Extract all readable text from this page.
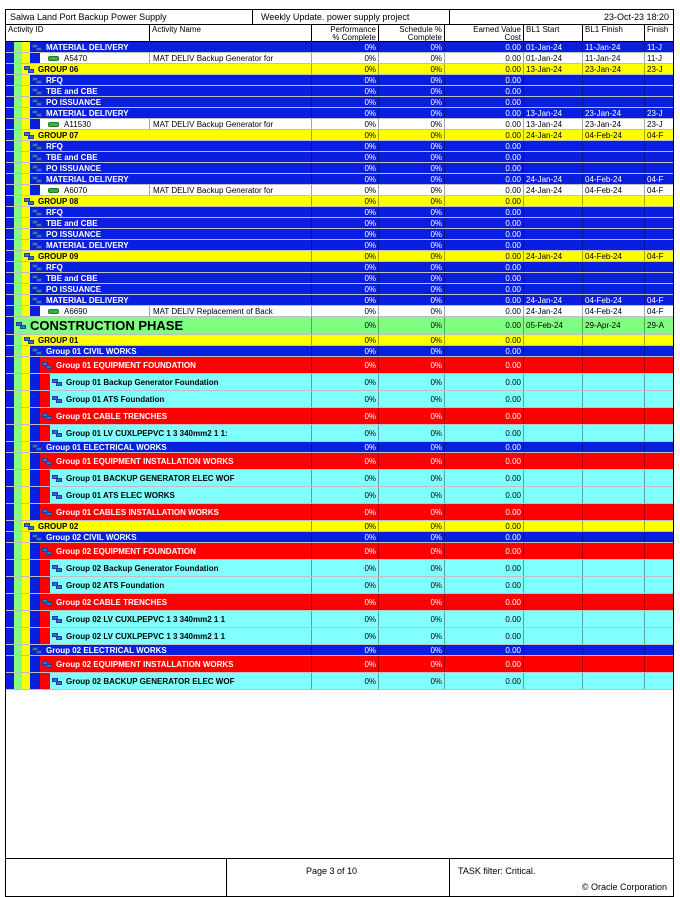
Salwa Land Port Backup Power Supply	Weekly Update. power supply project	23-Oct-23 18:20
Activity ID	Activity Name	Performance
% Complete
Schedule %
Complete
Earned Value
Cost
BL1 Start	BL1 Finish	Finish
MATERIAL DELIVERY	0%	0%	0.00 01-Jan-24	11-Jan-24	11-J
A5470	MAT DELIV Backup Generator for	0%	0%	0.00 01-Jan-24	11-Jan-24	11-J
GROUP 06	0%	0%	0.00 13-Jan-24	23-Jan-24	23-J
RFQ	0%	0%	0.00
TBE and CBE	0%	0%	0.00
PO ISSUANCE	0%	0%	0.00
MATERIAL DELIVERY	0%	0%	0.00 13-Jan-24	23-Jan-24	23-J
A11530	MAT DELIV Backup Generator for	0%	0%	0.00 13-Jan-24	23-Jan-24	23-J
GROUP 07	0%	0%	0.00 24-Jan-24	04-Feb-24	04-F
RFQ	0%	0%	0.00
TBE and CBE	0%	0%	0.00
PO ISSUANCE	0%	0%	0.00
MATERIAL DELIVERY	0%	0%	0.00 24-Jan-24	04-Feb-24	04-F
A6070	MAT DELIV Backup Generator for	0%	0%	0.00 24-Jan-24	04-Feb-24	04-F
GROUP 08	0%	0%	0.00
RFQ	0%	0%	0.00
TBE and CBE	0%	0%	0.00
PO ISSUANCE	0%	0%	0.00
MATERIAL DELIVERY	0%	0%	0.00
GROUP 09	0%	0%	0.00 24-Jan-24	04-Feb-24	04-F
RFQ	0%	0%	0.00
TBE and CBE	0%	0%	0.00
PO ISSUANCE	0%	0%	0.00
MATERIAL DELIVERY	0%	0%	0.00 24-Jan-24	04-Feb-24	04-F
A6690	MAT DELIV Replacement of Back	0%	0%	0.00 24-Jan-24	04-Feb-24	04-F
CONSTRUCTION PHASE	0%	0%	0.00 05-Feb-24	29-Apr-24	29-A
GROUP 01	0%	0%	0.00
Group 01 CIVIL WORKS	0%	0%	0.00
Group 01 EQUIPMENT FOUNDATION	0%	0%	0.00
Group 01 Backup Generator Foundation	0%	0%	0.00
Group 01 ATS Foundation	0%	0%	0.00
Group 01 CABLE TRENCHES	0%	0%	0.00
Group 01 LV CUXLPEPVC 1 3 340mm2 1 1:	0%	0%	0.00
Group 01 ELECTRICAL WORKS	0%	0%	0.00
Group 01 EQUIPMENT INSTALLATION WORKS	0%	0%	0.00
Group 01 BACKUP GENERATOR ELEC WOF	0%	0%	0.00
Group 01 ATS ELEC WORKS	0%	0%	0.00
Group 01 CABLES INSTALLATION WORKS	0%	0%	0.00
GROUP 02	0%	0%	0.00
Group 02 CIVIL WORKS	0%	0%	0.00
Group 02 EQUIPMENT FOUNDATION	0%	0%	0.00
Group 02 Backup Generator Foundation	0%	0%	0.00
Group 02 ATS Foundation	0%	0%	0.00
Group 02 CABLE TRENCHES	0%	0%	0.00
Group 02 LV CUXLPEPVC 1 3 340mm2 1 1	0%	0%	0.00
Group 02 LV CUXLPEPVC 1 3 340mm2 1 1	0%	0%	0.00
Group 02 ELECTRICAL WORKS	0%	0%	0.00
Group 02 EQUIPMENT INSTALLATION WORKS	0%	0%	0.00
Group 02 BACKUP GENERATOR ELEC WOF	0%	0%	0.00
Page 3 of 10	TASK filter: Critical.
© Oracle Corporation
